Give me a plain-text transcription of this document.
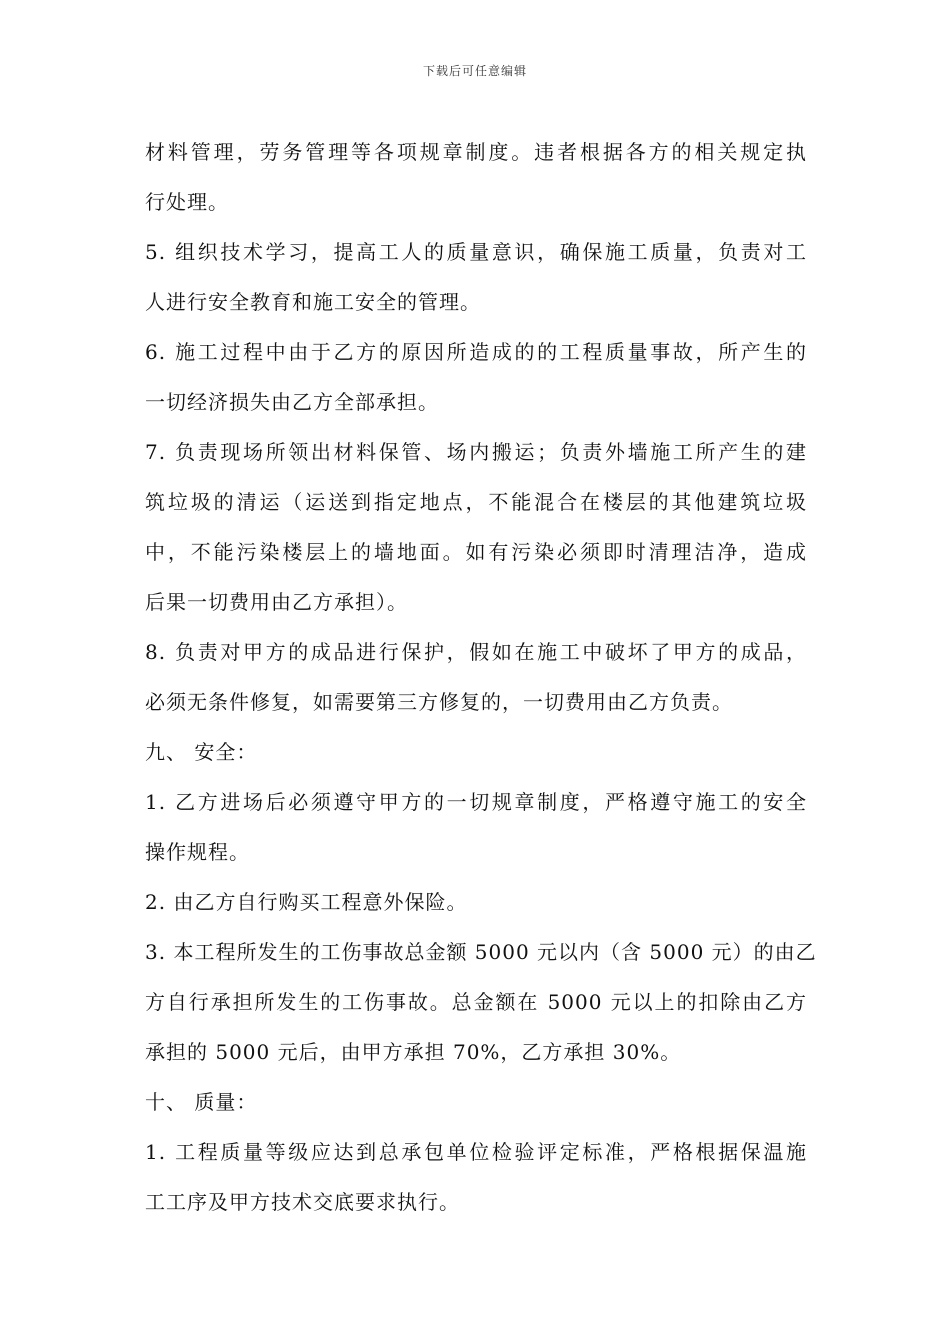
下载后可任意编辑
材料管理，劳务管理等各项规章制度。违者根据各方的相关规定执
行处理。
5. 组织技术学习，提高工人的质量意识，确保施工质量，负责对工
人进行安全教育和施工安全的管理。
6. 施工过程中由于乙方的原因所造成的的工程质量事故，所产生的
一切经济损失由乙方全部承担。
7. 负责现场所领出材料保管、场内搬运；负责外墙施工所产生的建
筑垃圾的清运（运送到指定地点，不能混合在楼层的其他建筑垃圾
中，不能污染楼层上的墙地面。如有污染必须即时清理洁净，造成
后果一切费用由乙方承担）。
8. 负责对甲方的成品进行保护，假如在施工中破坏了甲方的成品，
必须无条件修复，如需要第三方修复的，一切费用由乙方负责。
九、 安全：
1. 乙方进场后必须遵守甲方的一切规章制度，严格遵守施工的安全
操作规程。
2. 由乙方自行购买工程意外保险。
3. 本工程所发生的工伤事故总金额 5000 元以内（含 5000 元）的由乙
方自行承担所发生的工伤事故。总金额在 5000 元以上的扣除由乙方
承担的 5000 元后，由甲方承担 70%，乙方承担 30%。
十、 质量：
1. 工程质量等级应达到总承包单位检验评定标准，严格根据保温施
工工序及甲方技术交底要求执行。
